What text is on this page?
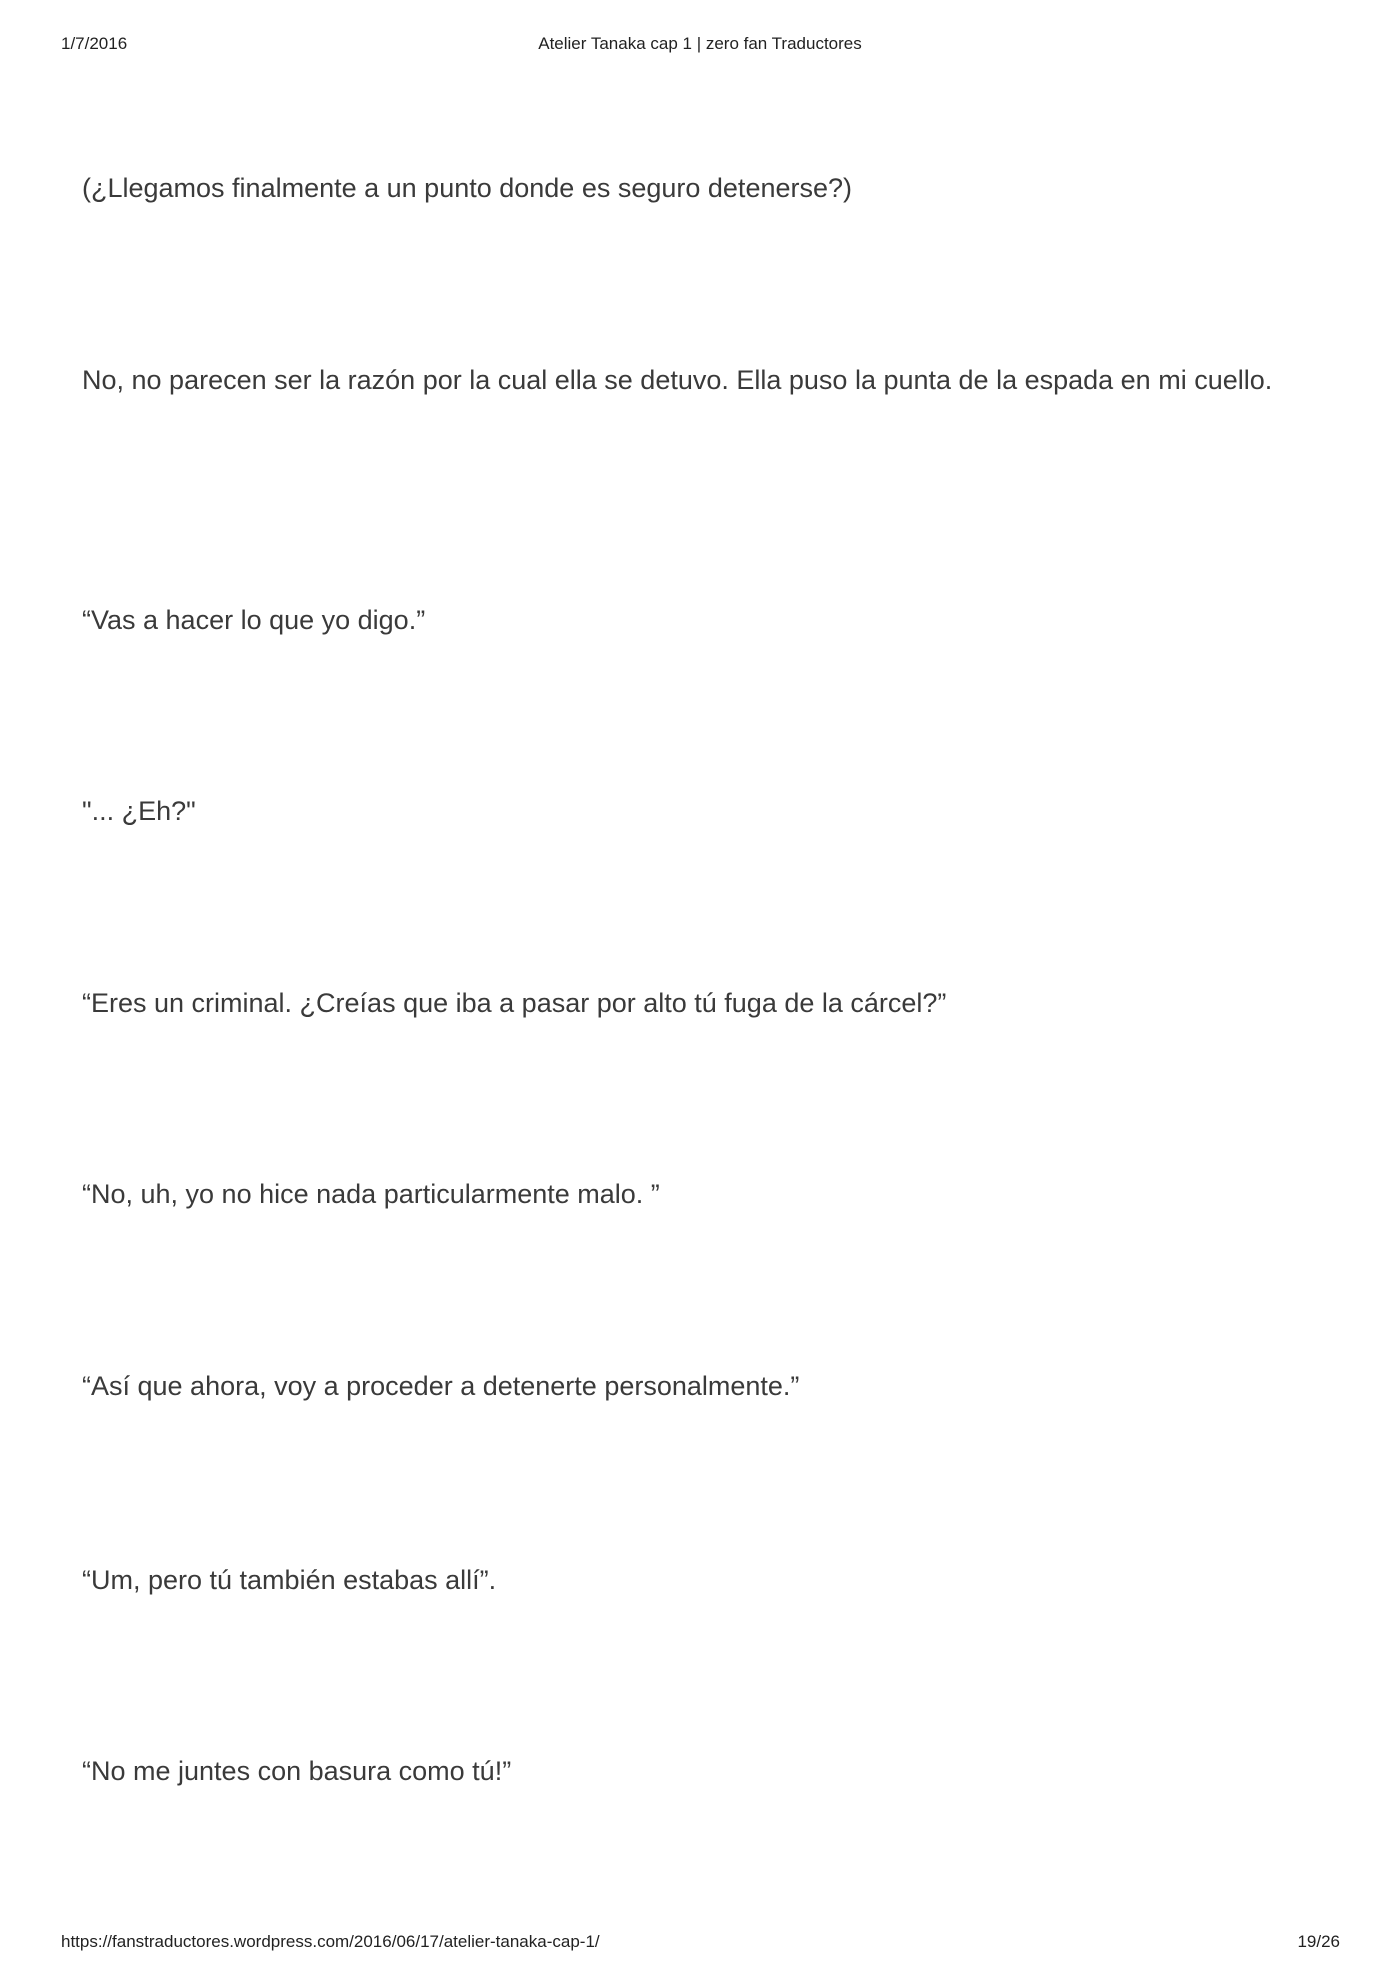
1/7/2016	Atelier Tanaka cap 1 | zero fan Traductores

(¿Llegamos finalmente a un punto donde es seguro detenerse?)

No, no parecen ser la razón por la cual ella se detuvo. Ella puso la punta de la espada en mi cuello.

“Vas a hacer lo que yo digo.”

"... ¿Eh?"

“Eres un criminal. ¿Creías que iba a pasar por alto tú fuga de la cárcel?”

“No, uh, yo no hice nada particularmente malo. ”

“Así que ahora, voy a proceder a detenerte personalmente.”

“Um, pero tú también estabas allí”.

“No me juntes con basura como tú!”

https://fanstraductores.wordpress.com/2016/06/17/atelier-tanaka-cap-1/	19/26
